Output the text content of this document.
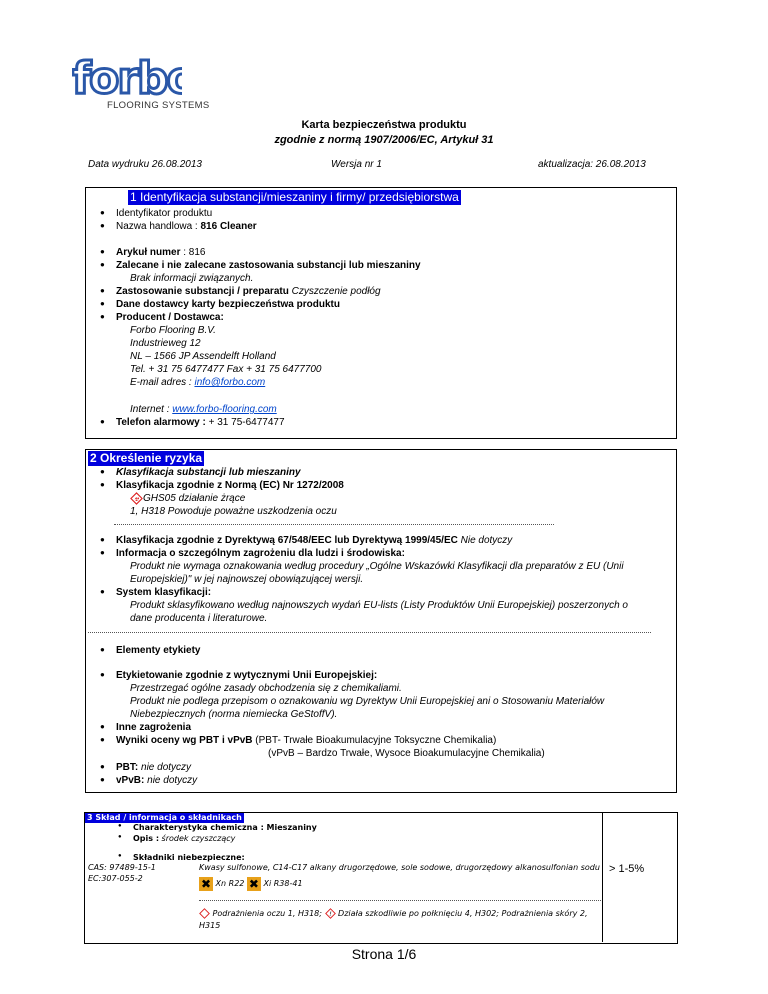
forbo
FLOORING SYSTEMS
Karta bezpieczeństwa produktu
zgodnie z normą 1907/2006/EC, Artykuł 31
Data wydruku 26.08.2013	Wersja nr 1	aktualizacja: 26.08.2013
1 Identyfikacja substancji/mieszaniny i firmy/ przedsiębiorstwa
● Identyfikator produktu
● Nazwa handlowa : 816 Cleaner
● Arykuł numer : 816
● Zalecane i nie zalecane zastosowania substancji lub mieszaniny
Brak informacji związanych.
● Zastosowanie substancji / preparatu Czyszczenie podłóg
● Dane dostawcy karty bezpieczeństwa produktu
● Producent / Dostawca:
Forbo Flooring B.V.
Industrieweg 12
NL – 1566 JP Assendelft Holland
Tel. + 31 75 6477477 Fax + 31 75 6477700
E-mail adres : info@forbo.com
Internet : www.forbo-flooring.com
● Telefon alarmowy : + 31 75-6477477
2 Określenie ryzyka
● Klasyfikacja substancji lub mieszaniny
● Klasyfikacja zgodnie z Normą (EC) Nr 1272/2008
☢ GHS05 działanie żrące
1, H318 Powoduje poważne uszkodzenia oczu
● Klasyfikacja zgodnie z Dyrektywą 67/548/EEC lub Dyrektywą 1999/45/EC Nie dotyczy
● Informacja o szczególnym zagrożeniu dla ludzi i środowiska:
Produkt nie wymaga oznakowania według procedury „Ogólne Wskazówki Klasyfikacji dla preparatów z EU (Unii
Europejskiej)" w jej najnowszej obowiązującej wersji.
● System klasyfikacji:
Produkt sklasyfikowano według najnowszych wydań EU-lists (Listy Produktów Unii Europejskiej) poszerzonych o
dane producenta i literaturowe.
● Elementy etykiety
● Etykietowanie zgodnie z wytycznymi Unii Europejskiej:
Przestrzegać ogólne zasady obchodzenia się z chemikaliami.
Produkt nie podlega przepisom o oznakowaniu wg Dyrektyw Unii Europejskiej ani o Stosowaniu Materiałów
Niebezpiecznych (norma niemiecka GeStoffV).
● Inne zagrożenia
● Wyniki oceny wg PBT i vPvB (PBT- Trwałe Bioakumulacyjne Toksyczne Chemikalia)
(vPvB – Bardzo Trwałe, Wysoce Bioakumulacyjne Chemikalia)
● PBT: nie dotyczy
● vPvB: nie dotyczy
3 Skład / informacja o składnikach
● Charakterystyka chemiczna : Mieszaniny
● Opis : środek czyszczący
● Składniki niebezpieczne:
CAS: 97489-15-1
EC:307-055-2
Kwasy sulfonowe, C14-C17 alkany drugorzędowe, sole sodowe, drugorzędowy alkanosulfonian sodu
✖ Xn R22 ✖ Xi R38-41
Podrażnienia oczu 1, H318; ! Działa szkodliwie po połknięciu 4, H302; Podrażnienia skóry 2,
H315
> 1-5%
Strona 1/6
